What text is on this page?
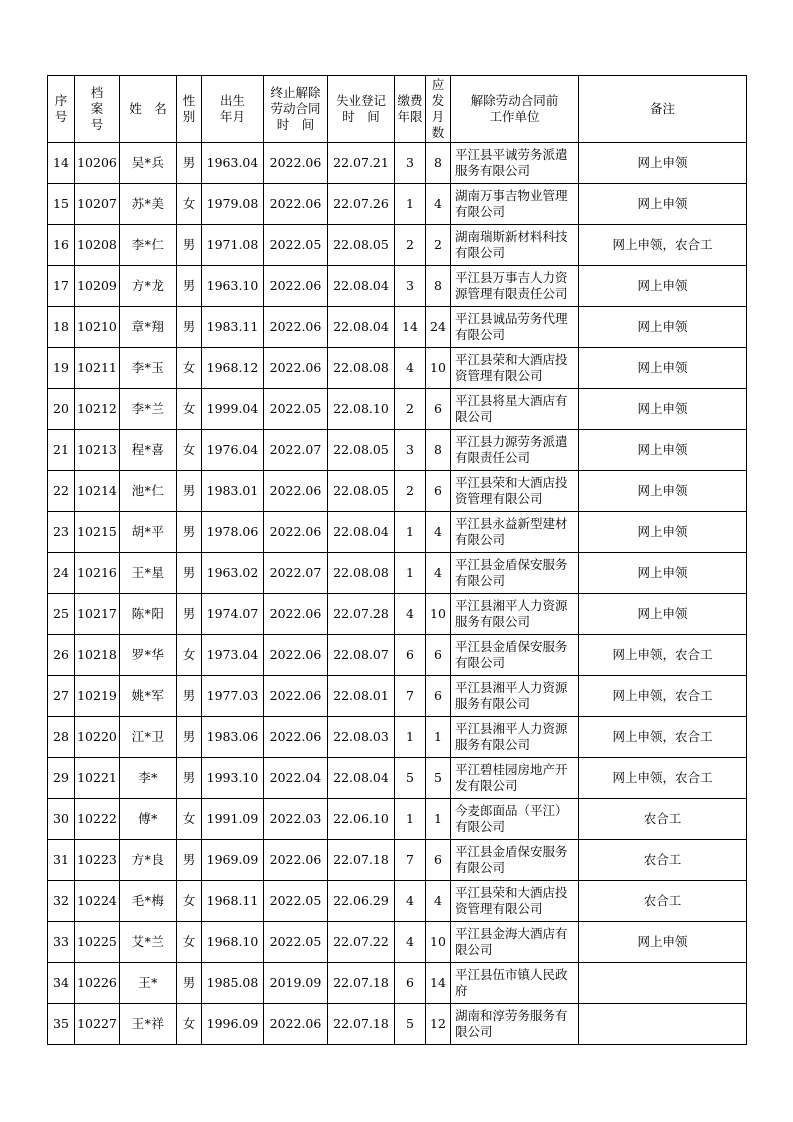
序
号	档
案
号	姓　名	性
别	出生
年月	终止解除
劳动合同
时　间	失业登记
时　间	缴费
年限	应
发
月
数	解除劳动合同前
工作单位	备注
14	10206	吴*兵	男	1963.04	2022.06	22.07.21	3	8	平江县平诚劳务派遣服务有限公司	网上申领
15	10207	苏*美	女	1979.08	2022.06	22.07.26	1	4	湖南万事吉物业管理有限公司	网上申领
16	10208	李*仁	男	1971.08	2022.05	22.08.05	2	2	湖南瑞斯新材料科技有限公司	网上申领，农合工
17	10209	方*龙	男	1963.10	2022.06	22.08.04	3	8	平江县万事吉人力资源管理有限责任公司	网上申领
18	10210	章*翔	男	1983.11	2022.06	22.08.04	14	24	平江县诚品劳务代理有限公司	网上申领
19	10211	李*玉	女	1968.12	2022.06	22.08.08	4	10	平江县荣和大酒店投资管理有限公司	网上申领
20	10212	李*兰	女	1999.04	2022.05	22.08.10	2	6	平江县将星大酒店有限公司	网上申领
21	10213	程*喜	女	1976.04	2022.07	22.08.05	3	8	平江县力源劳务派遣有限责任公司	网上申领
22	10214	池*仁	男	1983.01	2022.06	22.08.05	2	6	平江县荣和大酒店投资管理有限公司	网上申领
23	10215	胡*平	男	1978.06	2022.06	22.08.04	1	4	平江县永益新型建材有限公司	网上申领
24	10216	王*星	男	1963.02	2022.07	22.08.08	1	4	平江县金盾保安服务有限公司	网上申领
25	10217	陈*阳	男	1974.07	2022.06	22.07.28	4	10	平江县湘平人力资源服务有限公司	网上申领
26	10218	罗*华	女	1973.04	2022.06	22.08.07	6	6	平江县金盾保安服务有限公司	网上申领，农合工
27	10219	姚*军	男	1977.03	2022.06	22.08.01	7	6	平江县湘平人力资源服务有限公司	网上申领，农合工
28	10220	江*卫	男	1983.06	2022.06	22.08.03	1	1	平江县湘平人力资源服务有限公司	网上申领，农合工
29	10221	李*	男	1993.10	2022.04	22.08.04	5	5	平江碧桂园房地产开发有限公司	网上申领，农合工
30	10222	傅*	女	1991.09	2022.03	22.06.10	1	1	今麦郎面品（平江）有限公司	农合工
31	10223	方*良	男	1969.09	2022.06	22.07.18	7	6	平江县金盾保安服务有限公司	农合工
32	10224	毛*梅	女	1968.11	2022.05	22.06.29	4	4	平江县荣和大酒店投资管理有限公司	农合工
33	10225	艾*兰	女	1968.10	2022.05	22.07.22	4	10	平江县金海大酒店有限公司	网上申领
34	10226	王*	男	1985.08	2019.09	22.07.18	6	14	平江县伍市镇人民政府	
35	10227	王*祥	女	1996.09	2022.06	22.07.18	5	12	湖南和淳劳务服务有限公司	
